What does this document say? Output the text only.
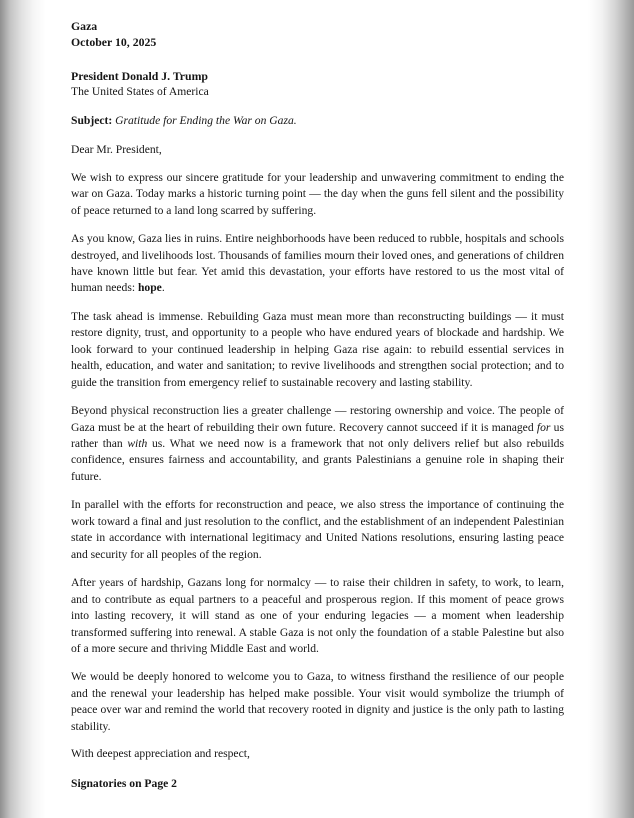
Gaza
October 10, 2025
President Donald J. Trump
The United States of America
Subject: Gratitude for Ending the War on Gaza.
Dear Mr. President,

We wish to express our sincere gratitude for your leadership and unwavering commitment to ending the war on Gaza. Today marks a historic turning point — the day when the guns fell silent and the possibility of peace returned to a land long scarred by suffering.

As you know, Gaza lies in ruins. Entire neighborhoods have been reduced to rubble, hospitals and schools destroyed, and livelihoods lost. Thousands of families mourn their loved ones, and generations of children have known little but fear. Yet amid this devastation, your efforts have restored to us the most vital of human needs: hope.

The task ahead is immense. Rebuilding Gaza must mean more than reconstructing buildings — it must restore dignity, trust, and opportunity to a people who have endured years of blockade and hardship. We look forward to your continued leadership in helping Gaza rise again: to rebuild essential services in health, education, and water and sanitation; to revive livelihoods and strengthen social protection; and to guide the transition from emergency relief to sustainable recovery and lasting stability.

Beyond physical reconstruction lies a greater challenge — restoring ownership and voice. The people of Gaza must be at the heart of rebuilding their own future. Recovery cannot succeed if it is managed for us rather than with us. What we need now is a framework that not only delivers relief but also rebuilds confidence, ensures fairness and accountability, and grants Palestinians a genuine role in shaping their future.

In parallel with the efforts for reconstruction and peace, we also stress the importance of continuing the work toward a final and just resolution to the conflict, and the establishment of an independent Palestinian state in accordance with international legitimacy and United Nations resolutions, ensuring lasting peace and security for all peoples of the region.

After years of hardship, Gazans long for normalcy — to raise their children in safety, to work, to learn, and to contribute as equal partners to a peaceful and prosperous region. If this moment of peace grows into lasting recovery, it will stand as one of your enduring legacies — a moment when leadership transformed suffering into renewal. A stable Gaza is not only the foundation of a stable Palestine but also of a more secure and thriving Middle East and world.

We would be deeply honored to welcome you to Gaza, to witness firsthand the resilience of our people and the renewal your leadership has helped make possible. Your visit would symbolize the triumph of peace over war and remind the world that recovery rooted in dignity and justice is the only path to lasting stability.

With deepest appreciation and respect,

Signatories on Page 2
